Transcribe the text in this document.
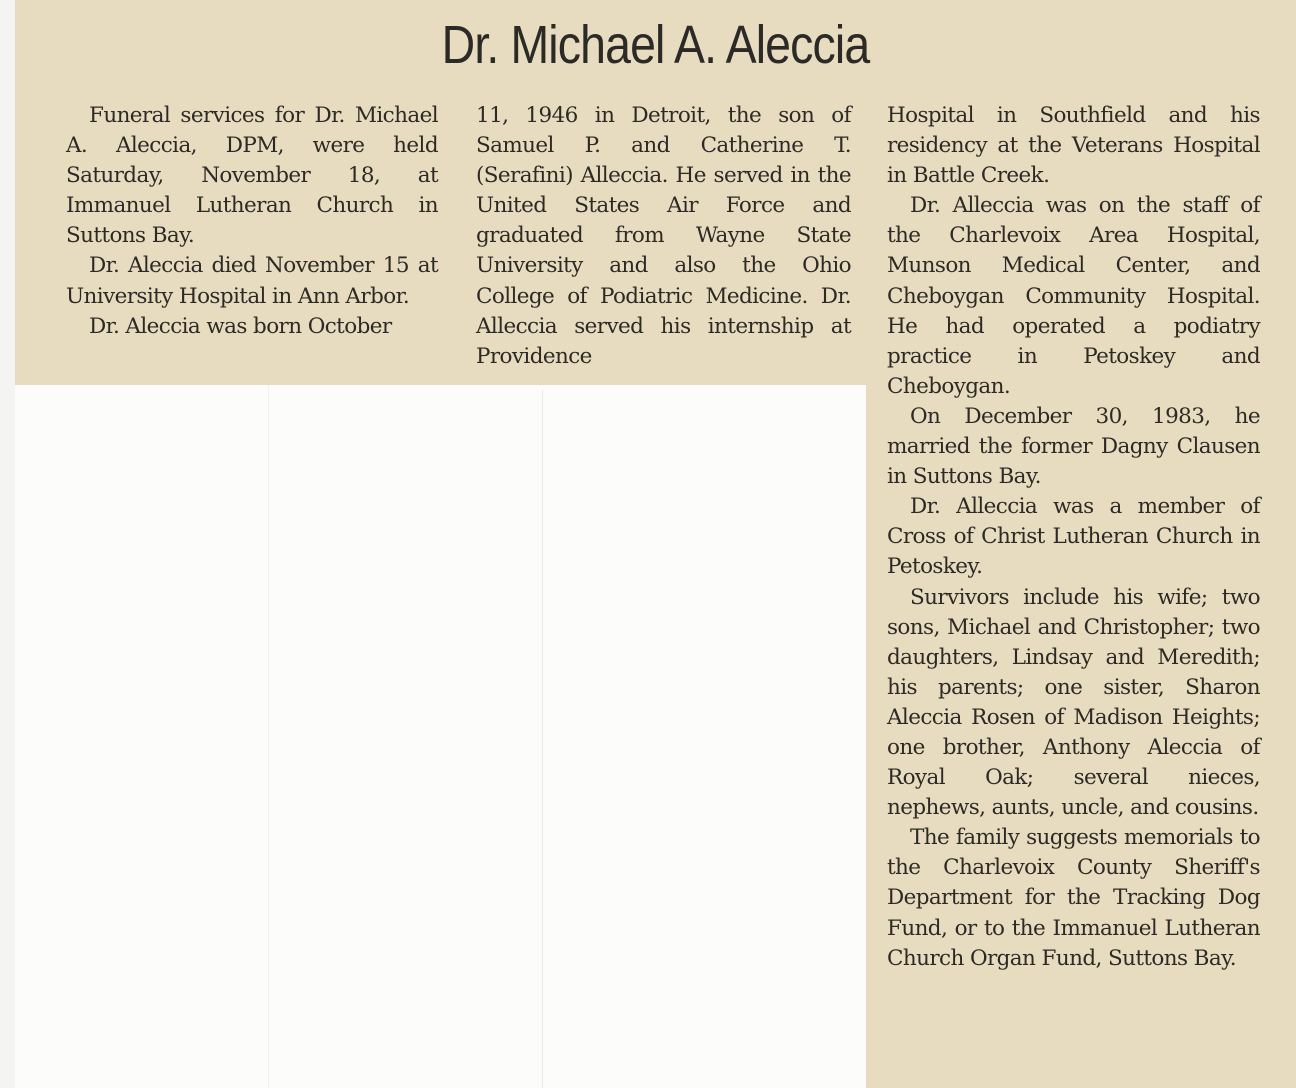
Dr. Michael A. Aleccia

Funeral services for Dr. Michael A. Aleccia, DPM, were held Saturday, November 18, at Immanuel Lutheran Church in Suttons Bay.

Dr. Aleccia died November 15 at University Hospital in Ann Arbor.

Dr. Aleccia was born October

11, 1946 in Detroit, the son of Samuel P. and Catherine T. (Serafini) Alleccia. He served in the United States Air Force and graduated from Wayne State University and also the Ohio College of Podiatric Medicine. Dr. Alleccia served his internship at Providence

Hospital in Southfield and his residency at the Veterans Hospital in Battle Creek.

Dr. Alleccia was on the staff of the Charlevoix Area Hospital, Munson Medical Center, and Cheboygan Community Hospital. He had operated a podiatry practice in Petoskey and Cheboygan.

On December 30, 1983, he married the former Dagny Clausen in Suttons Bay.

Dr. Alleccia was a member of Cross of Christ Lutheran Church in Petoskey.

Survivors include his wife; two sons, Michael and Christopher; two daughters, Lindsay and Meredith; his parents; one sister, Sharon Aleccia Rosen of Madison Heights; one brother, Anthony Aleccia of Royal Oak; several nieces, nephews, aunts, uncle, and cousins.

The family suggests memorials to the Charlevoix County Sheriff's Department for the Tracking Dog Fund, or to the Immanuel Lutheran Church Organ Fund, Suttons Bay.
